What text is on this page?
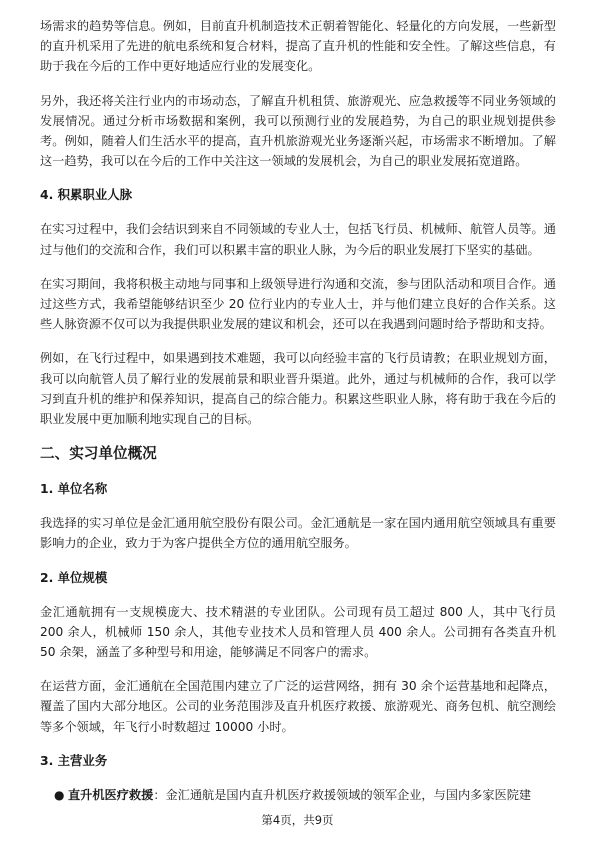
场需求的趋势等信息。例如，目前直升机制造技术正朝着智能化、轻量化的方向发展，一些新型的直升机采用了先进的航电系统和复合材料，提高了直升机的性能和安全性。了解这些信息，有助于我在今后的工作中更好地适应行业的发展变化。

另外，我还将关注行业内的市场动态，了解直升机租赁、旅游观光、应急救援等不同业务领域的发展情况。通过分析市场数据和案例，我可以预测行业的发展趋势，为自己的职业规划提供参考。例如，随着人们生活水平的提高，直升机旅游观光业务逐渐兴起，市场需求不断增加。了解这一趋势，我可以在今后的工作中关注这一领域的发展机会，为自己的职业发展拓宽道路。

4. 积累职业人脉

在实习过程中，我们会结识到来自不同领域的专业人士，包括飞行员、机械师、航管人员等。通过与他们的交流和合作，我们可以积累丰富的职业人脉，为今后的职业发展打下坚实的基础。

在实习期间，我将积极主动地与同事和上级领导进行沟通和交流，参与团队活动和项目合作。通过这些方式，我希望能够结识至少 20 位行业内的专业人士，并与他们建立良好的合作关系。这些人脉资源不仅可以为我提供职业发展的建议和机会，还可以在我遇到问题时给予帮助和支持。

例如，在飞行过程中，如果遇到技术难题，我可以向经验丰富的飞行员请教；在职业规划方面，我可以向航管人员了解行业的发展前景和职业晋升渠道。此外，通过与机械师的合作，我可以学习到直升机的维护和保养知识，提高自己的综合能力。积累这些职业人脉，将有助于我在今后的职业发展中更加顺利地实现自己的目标。

二、实习单位概况
1. 单位名称

我选择的实习单位是金汇通用航空股份有限公司。金汇通航是一家在国内通用航空领域具有重要影响力的企业，致力于为客户提供全方位的通用航空服务。

2. 单位规模

金汇通航拥有一支规模庞大、技术精湛的专业团队。公司现有员工超过 800 人，其中飞行员 200 余人，机械师 150 余人，其他专业技术人员和管理人员 400 余人。公司拥有各类直升机 50 余架，涵盖了多种型号和用途，能够满足不同客户的需求。

在运营方面，金汇通航在全国范围内建立了广泛的运营网络，拥有 30 余个运营基地和起降点，覆盖了国内大部分地区。公司的业务范围涉及直升机医疗救援、旅游观光、商务包机、航空测绘等多个领域，年飞行小时数超过 10000 小时。

3. 主营业务
● 直升机医疗救援：金汇通航是国内直升机医疗救援领域的领军企业，与国内多家医院建
第4页，共9页
